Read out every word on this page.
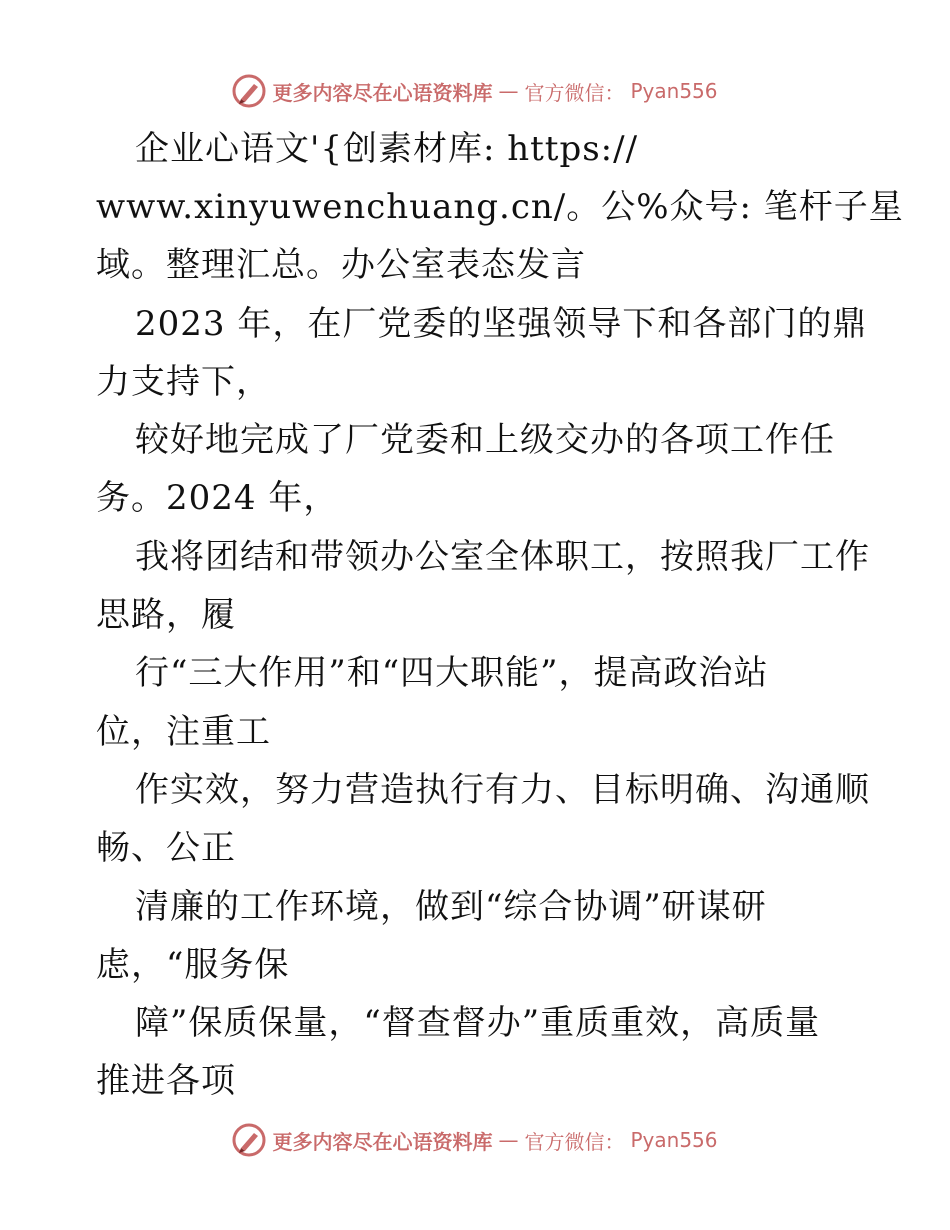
更多内容尽在心语资料库 — 官方微信： Pyan556
企业心语文'{创素材库: https://
www.xinyuwenchuang.cn/。公%众号: 笔杆子星
域。整理汇总。办公室表态发言
2023 年，在厂党委的坚强领导下和各部门的鼎
力支持下，
较好地完成了厂党委和上级交办的各项工作任
务。2024 年，
我将团结和带领办公室全体职工，按照我厂工作
思路，履
行“三大作用”和“四大职能”，提高政治站
位，注重工
作实效，努力营造执行有力、目标明确、沟通顺
畅、公正
清廉的工作环境，做到“综合协调”研谋研
虑，“服务保
障”保质保量，“督查督办”重质重效，高质量
推进各项
更多内容尽在心语资料库 — 官方微信： Pyan556
